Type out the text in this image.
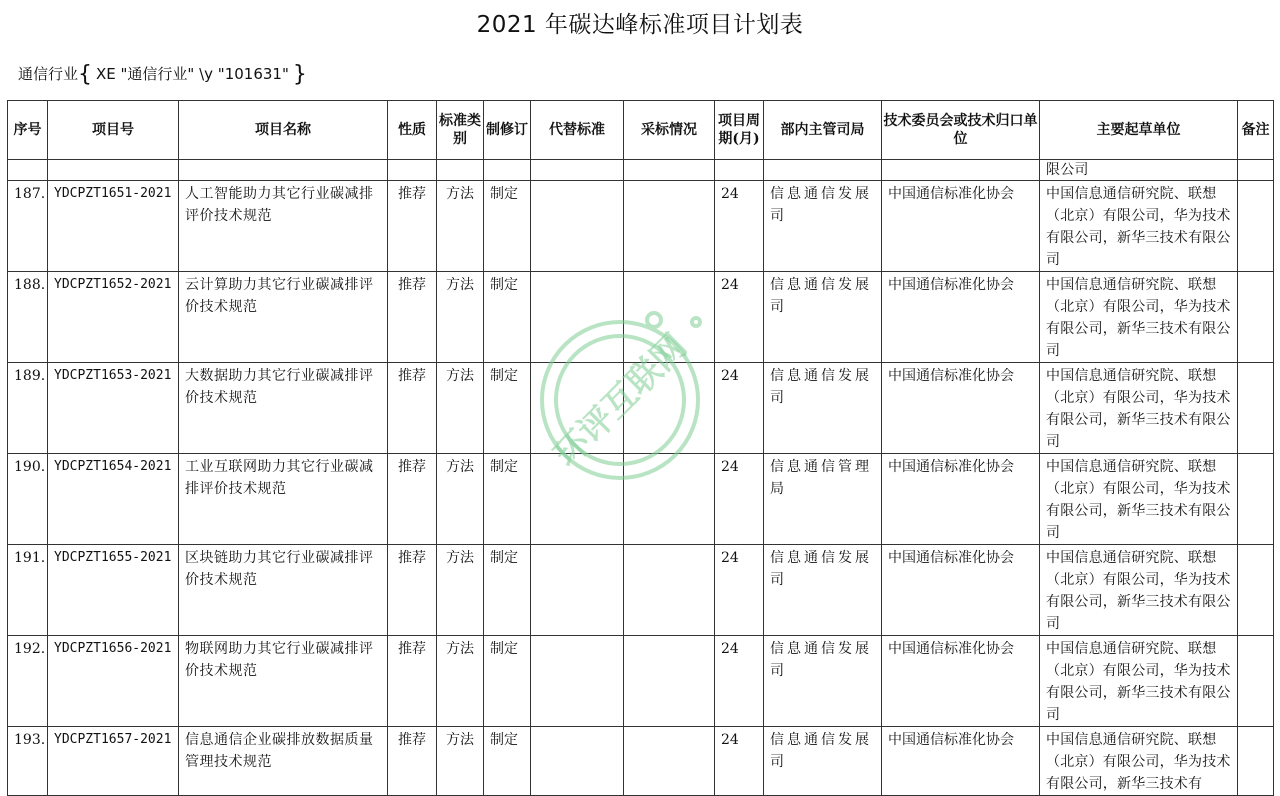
2021 年碳达峰标准项目计划表
通信行业{ XE "通信行业" \y "101631" }
序号	项目号	项目名称	性质	标准类别	制修订	代替标准	采标情况	项目周期(月)	部内主管司局	技术委员会或技术归口单位	主要起草单位	备注
											限公司	
187.	YDCPZT1651-2021	人工智能助力其它行业碳减排评价技术规范	推荐	方法	制定			24	信息通信发展司	中国通信标准化协会	中国信息通信研究院、联想（北京）有限公司，华为技术有限公司，新华三技术有限公司	
188.	YDCPZT1652-2021	云计算助力其它行业碳减排评价技术规范	推荐	方法	制定			24	信息通信发展司	中国通信标准化协会	中国信息通信研究院、联想（北京）有限公司，华为技术有限公司，新华三技术有限公司	
189.	YDCPZT1653-2021	大数据助力其它行业碳减排评价技术规范	推荐	方法	制定			24	信息通信发展司	中国通信标准化协会	中国信息通信研究院、联想（北京）有限公司，华为技术有限公司，新华三技术有限公司	
190.	YDCPZT1654-2021	工业互联网助力其它行业碳减排评价技术规范	推荐	方法	制定			24	信息通信管理局	中国通信标准化协会	中国信息通信研究院、联想（北京）有限公司，华为技术有限公司，新华三技术有限公司	
191.	YDCPZT1655-2021	区块链助力其它行业碳减排评价技术规范	推荐	方法	制定			24	信息通信发展司	中国通信标准化协会	中国信息通信研究院、联想（北京）有限公司，华为技术有限公司，新华三技术有限公司	
192.	YDCPZT1656-2021	物联网助力其它行业碳减排评价技术规范	推荐	方法	制定			24	信息通信发展司	中国通信标准化协会	中国信息通信研究院、联想（北京）有限公司，华为技术有限公司，新华三技术有限公司	
193.	YDCPZT1657-2021	信息通信企业碳排放数据质量管理技术规范	推荐	方法	制定			24	信息通信发展司	中国通信标准化协会	中国信息通信研究院、联想（北京）有限公司，华为技术有限公司，新华三技术有	
环评互联网
